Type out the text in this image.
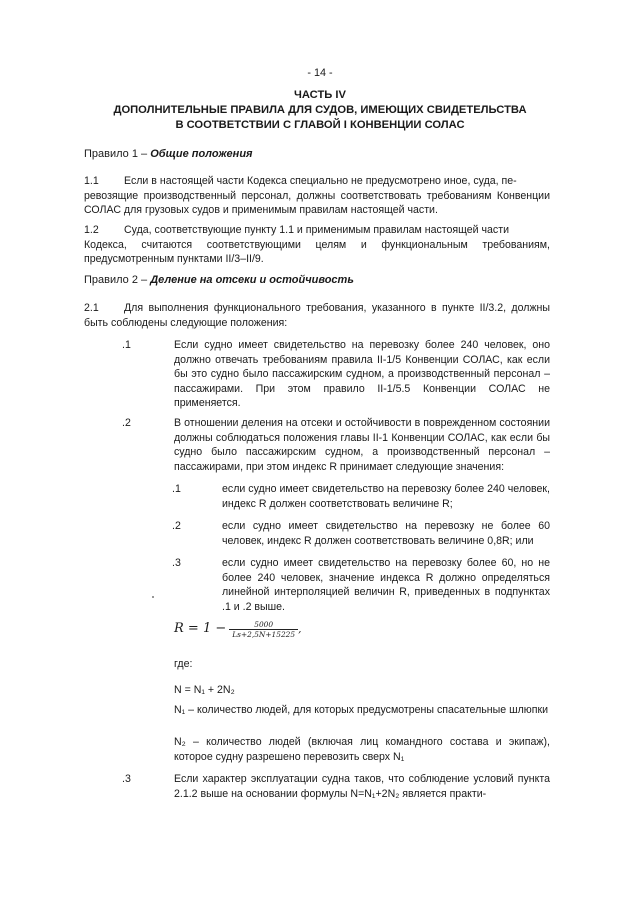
- 14 -
ЧАСТЬ IV
ДОПОЛНИТЕЛЬНЫЕ ПРАВИЛА ДЛЯ СУДОВ, ИМЕЮЩИХ СВИДЕТЕЛЬСТВА
В СООТВЕТСТВИИ С ГЛАВОЙ I КОНВЕНЦИИ СОЛАС
Правило 1 – Общие положения
1.1	Если в настоящей части Кодекса специально не предусмотрено иное, суда, пе-

ревозящие производственный персонал, должны соответствовать требованиям Конвенции СОЛАС для грузовых судов и применимым правилам настоящей части.

1.2	Суда, соответствующие пункту 1.1 и применимым правилам настоящей части

Кодекса, считаются соответствующими целям и функциональным требованиям, предусмотренным пунктами II/3–II/9.

Правило 2 – Деление на отсеки и остойчивость
2.1	Для выполнения функционального требования, указанного в пункте II/3.2, должны быть соблюдены следующие положения:

.1	Если судно имеет свидетельство на перевозку более 240 человек, оно должно отвечать требованиям правила II-1/5 Конвенции СОЛАС, как если бы это судно было пассажирским судном, а производственный персонал – пассажирами. При этом правило II-1/5.5 Конвенции СОЛАС не применяется.
.2	В отношении деления на отсеки и остойчивости в поврежденном состоянии должны соблюдаться положения главы II-1 Конвенции СОЛАС, как если бы судно было пассажирским судном, а производственный персонал – пассажирами, при этом индекс R принимает следующие значения:
.1	если судно имеет свидетельство на перевозку более 240 человек, индекс R должен соответствовать величине R;
.2	если судно имеет свидетельство на перевозку не более 60 человек, индекс R должен соответствовать величине 0,8R; или
.3	если судно имеет свидетельство на перевозку более 60, но не более 240 человек, значение индекса R должно определяться линейной интерполяцией величин R, приведенных в подпунктах .1 и .2 выше.
$R = 1 - \frac{5000}{Ls+2,5N+15225}$ ,
где:
N = N₁ + 2N₂
N₁ – количество людей, для которых предусмотрены спасательные шлюпки
N₂ – количество людей (включая лиц командного состава и экипаж), которое судну разрешено перевозить сверх N₁
.3	Если характер эксплуатации судна таков, что соблюдение условий пункта 2.1.2 выше на основании формулы N=N₁+2N₂ является практи-
